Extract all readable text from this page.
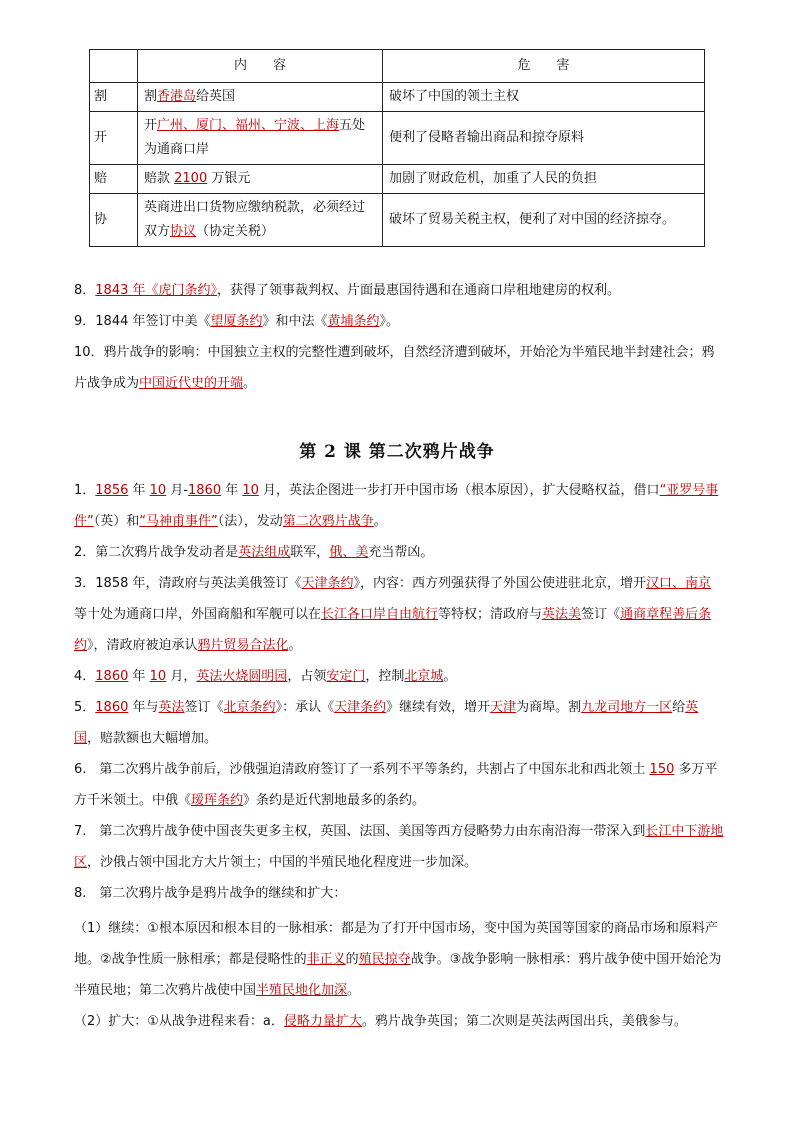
	内　　容	危　　害
割	割香港岛给英国	破坏了中国的领土主权
开	开广州、厦门、福州、宁波、上海五处为通商口岸	便利了侵略者输出商品和掠夺原料
赔	赔款 2100 万银元	加剧了财政危机，加重了人民的负担
协	英商进出口货物应缴纳税款，必须经过双方协议（协定关税）	破坏了贸易关税主权，便利了对中国的经济掠夺。
8．1843 年《虎门条约》，获得了领事裁判权、片面最惠国待遇和在通商口岸租地建房的权利。
9．1844 年签订中美《望厦条约》和中法《黄埔条约》。
10．鸦片战争的影响：中国独立主权的完整性遭到破坏，自然经济遭到破坏，开始沦为半殖民地半封建社会；鸦片战争成为中国近代史的开端。
第 2 课 第二次鸦片战争
1．1856 年 10 月-1860 年 10 月，英法企图进一步打开中国市场（根本原因），扩大侵略权益，借口“亚罗号事件”（英）和“马神甫事件”（法），发动第二次鸦片战争。
2．第二次鸦片战争发动者是英法组成联军，俄、美充当帮凶。
3．1858 年，清政府与英法美俄签订《天津条约》，内容：西方列强获得了外国公使进驻北京，增开汉口、南京等十处为通商口岸，外国商船和军舰可以在长江各口岸自由航行等特权；清政府与英法美签订《通商章程善后条约》，清政府被迫承认鸦片贸易合法化。
4．1860 年 10 月，英法火烧圆明园，占领安定门，控制北京城。
5．1860 年与英法签订《北京条约》：承认《天津条约》继续有效，增开天津为商埠。割九龙司地方一区给英国，赔款额也大幅增加。
6.　第二次鸦片战争前后，沙俄强迫清政府签订了一系列不平等条约，共割占了中国东北和西北领土 150 多万平方千米领土。中俄《瑷珲条约》条约是近代割地最多的条约。
7.　第二次鸦片战争使中国丧失更多主权，英国、法国、美国等西方侵略势力由东南沿海一带深入到长江中下游地区，沙俄占领中国北方大片领土；中国的半殖民地化程度进一步加深。
8.　第二次鸦片战争是鸦片战争的继续和扩大：
（1）继续：①根本原因和根本目的一脉相承：都是为了打开中国市场，变中国为英国等国家的商品市场和原料产地。②战争性质一脉相承；都是侵略性的非正义的殖民掠夺战争。③战争影响一脉相承：鸦片战争使中国开始沦为半殖民地；第二次鸦片战使中国半殖民地化加深。
（2）扩大：①从战争进程来看：a．侵略力量扩大。鸦片战争英国；第二次则是英法两国出兵，美俄参与。
